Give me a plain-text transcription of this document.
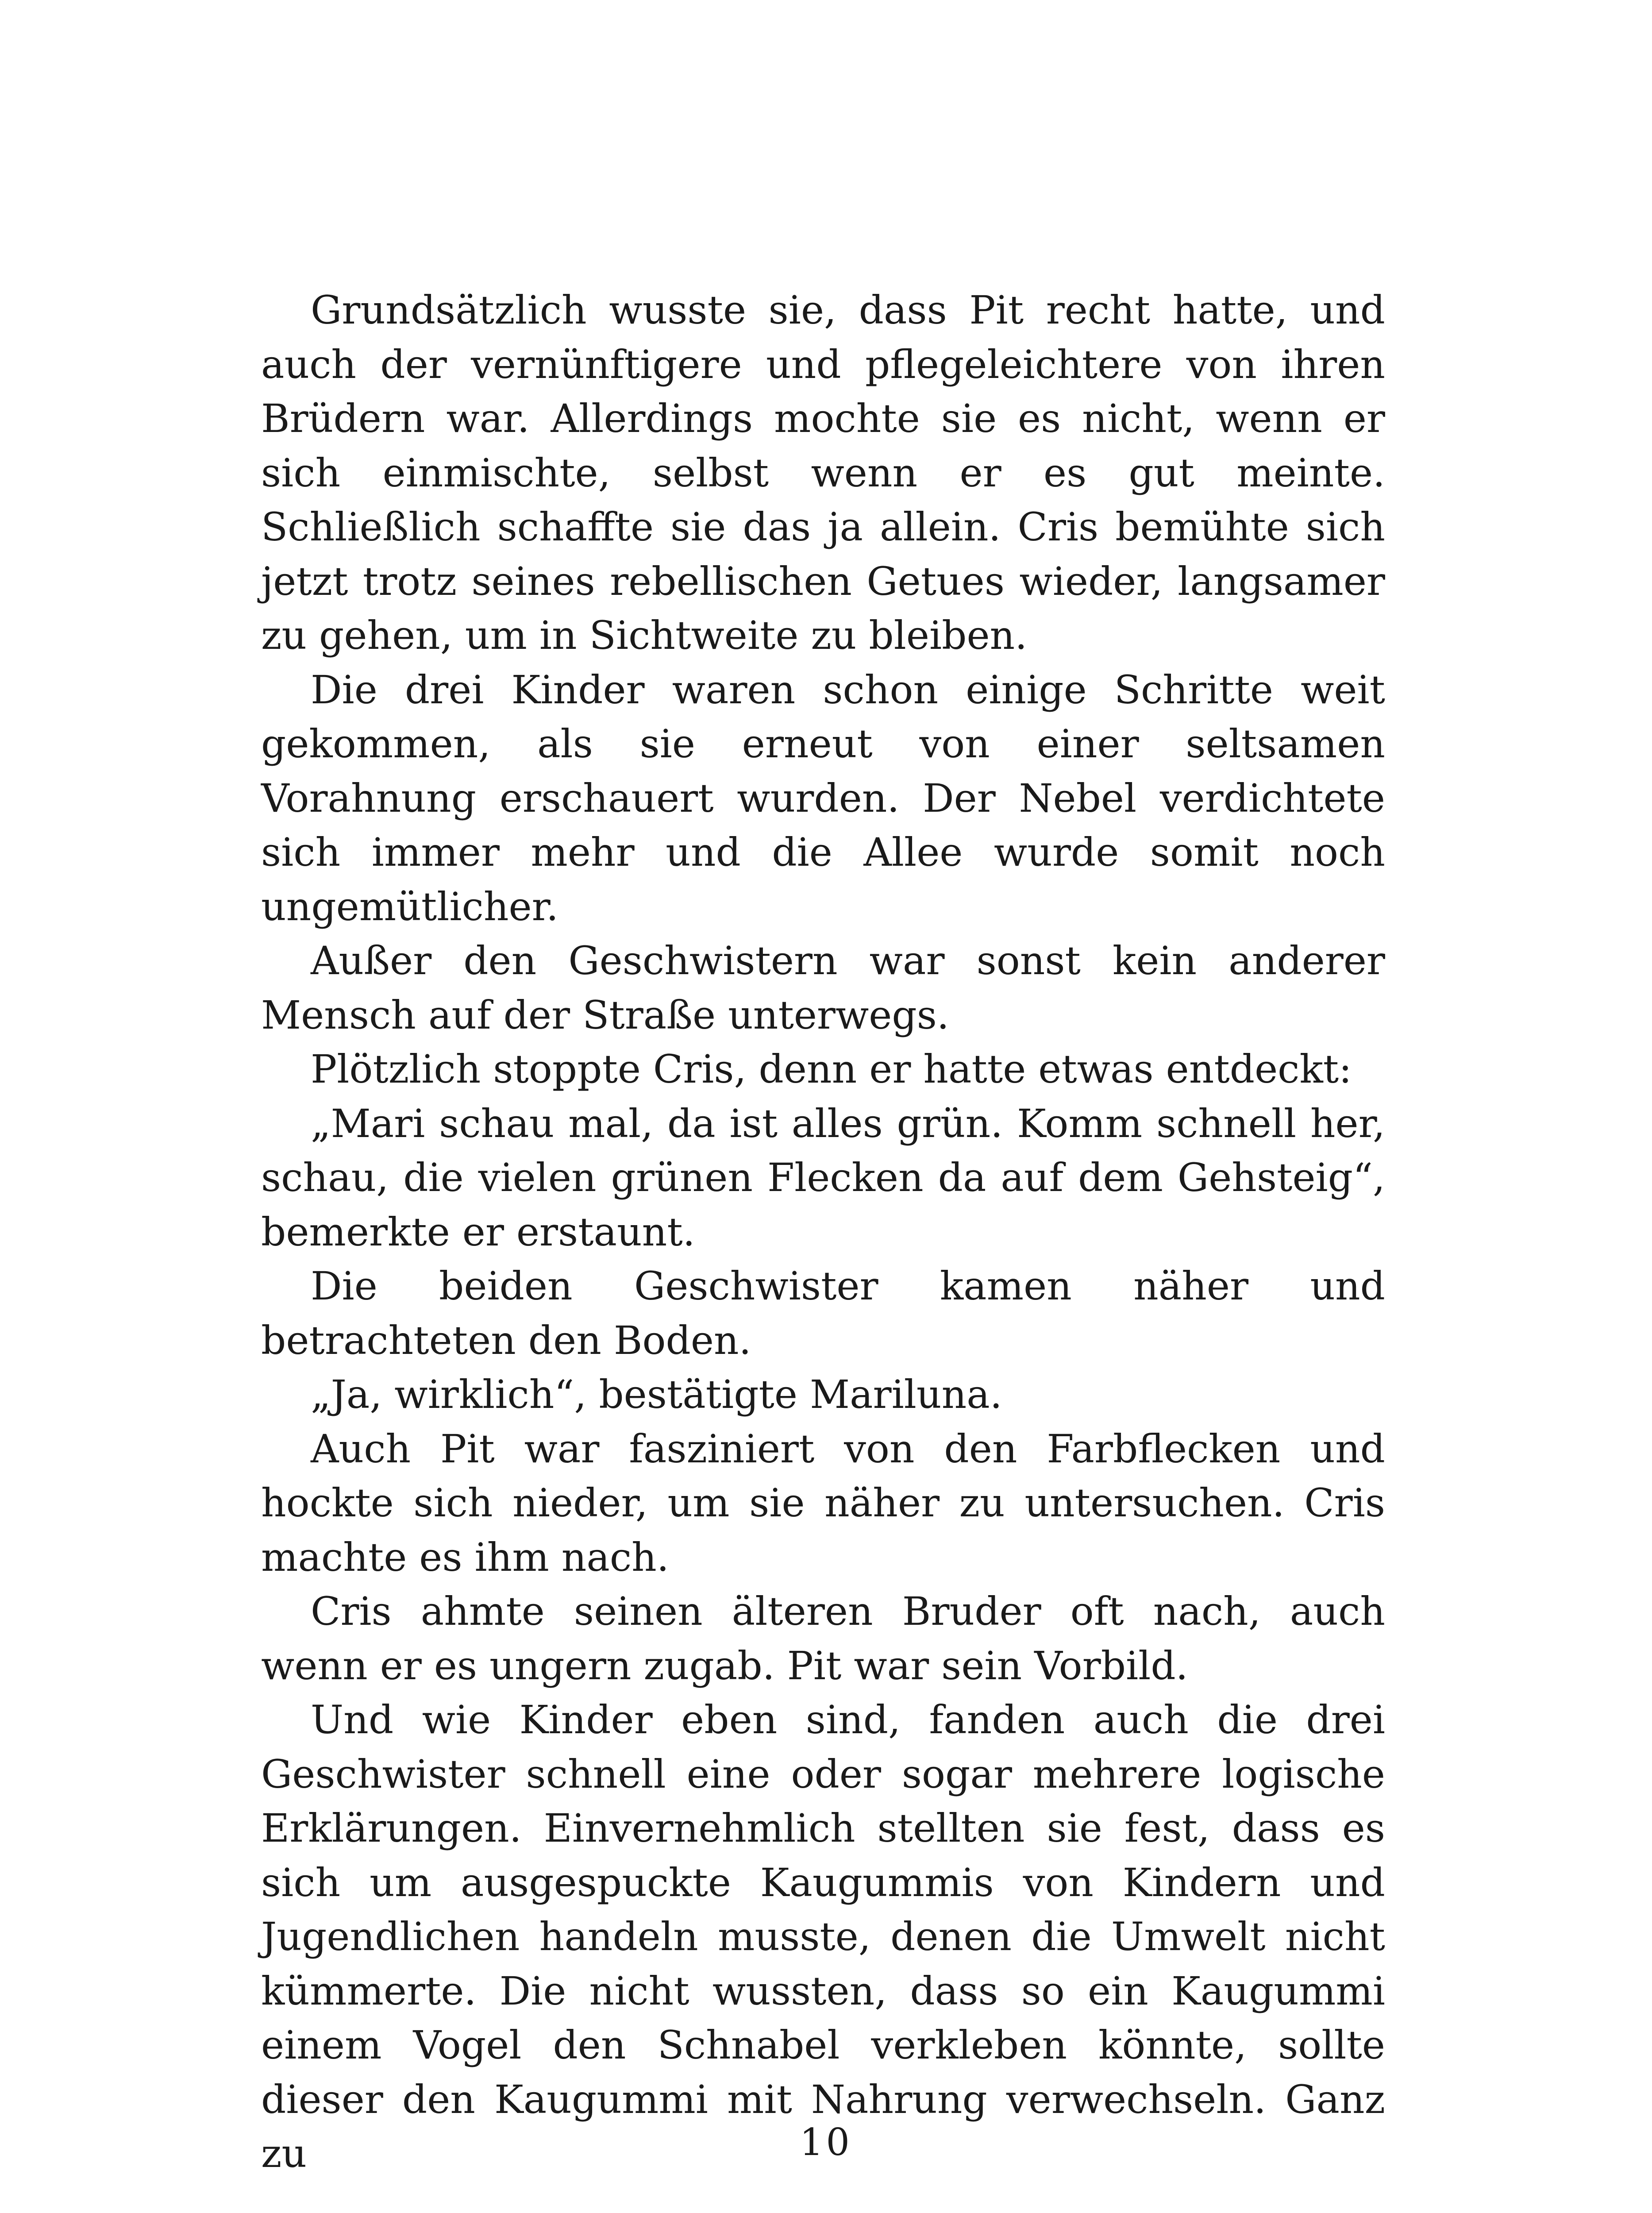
Grundsätzlich wusste sie, dass Pit recht hatte, und auch der vernünftigere und pflegeleichtere von ihren Brüdern war. Allerdings mochte sie es nicht, wenn er sich einmischte, selbst wenn er es gut meinte. Schließlich schaffte sie das ja allein. Cris bemühte sich jetzt trotz seines rebellischen Getues wieder, langsamer zu gehen, um in Sichtweite zu bleiben.

Die drei Kinder waren schon einige Schritte weit gekommen, als sie erneut von einer seltsamen Vorahnung erschauert wurden. Der Nebel verdichtete sich immer mehr und die Allee wurde somit noch ungemütlicher.

Außer den Geschwistern war sonst kein anderer Mensch auf der Straße unterwegs.

Plötzlich stoppte Cris, denn er hatte etwas entdeckt:

„Mari schau mal, da ist alles grün. Komm schnell her, schau, die vielen grünen Flecken da auf dem Gehsteig“, bemerkte er erstaunt.

Die beiden Geschwister kamen näher und betrachteten den Boden.

„Ja, wirklich“, bestätigte Mariluna.

Auch Pit war fasziniert von den Farbflecken und hockte sich nieder, um sie näher zu untersuchen. Cris machte es ihm nach.

Cris ahmte seinen älteren Bruder oft nach, auch wenn er es ungern zugab. Pit war sein Vorbild.

Und wie Kinder eben sind, fanden auch die drei Geschwister schnell eine oder sogar mehrere logische Erklärungen. Einvernehmlich stellten sie fest, dass es sich um ausgespuckte Kaugummis von Kindern und Jugendlichen handeln musste, denen die Umwelt nicht kümmerte. Die nicht wussten, dass so ein Kaugummi einem Vogel den Schnabel verkleben könnte, sollte dieser den Kaugummi mit Nahrung verwechseln. Ganz zu	10
